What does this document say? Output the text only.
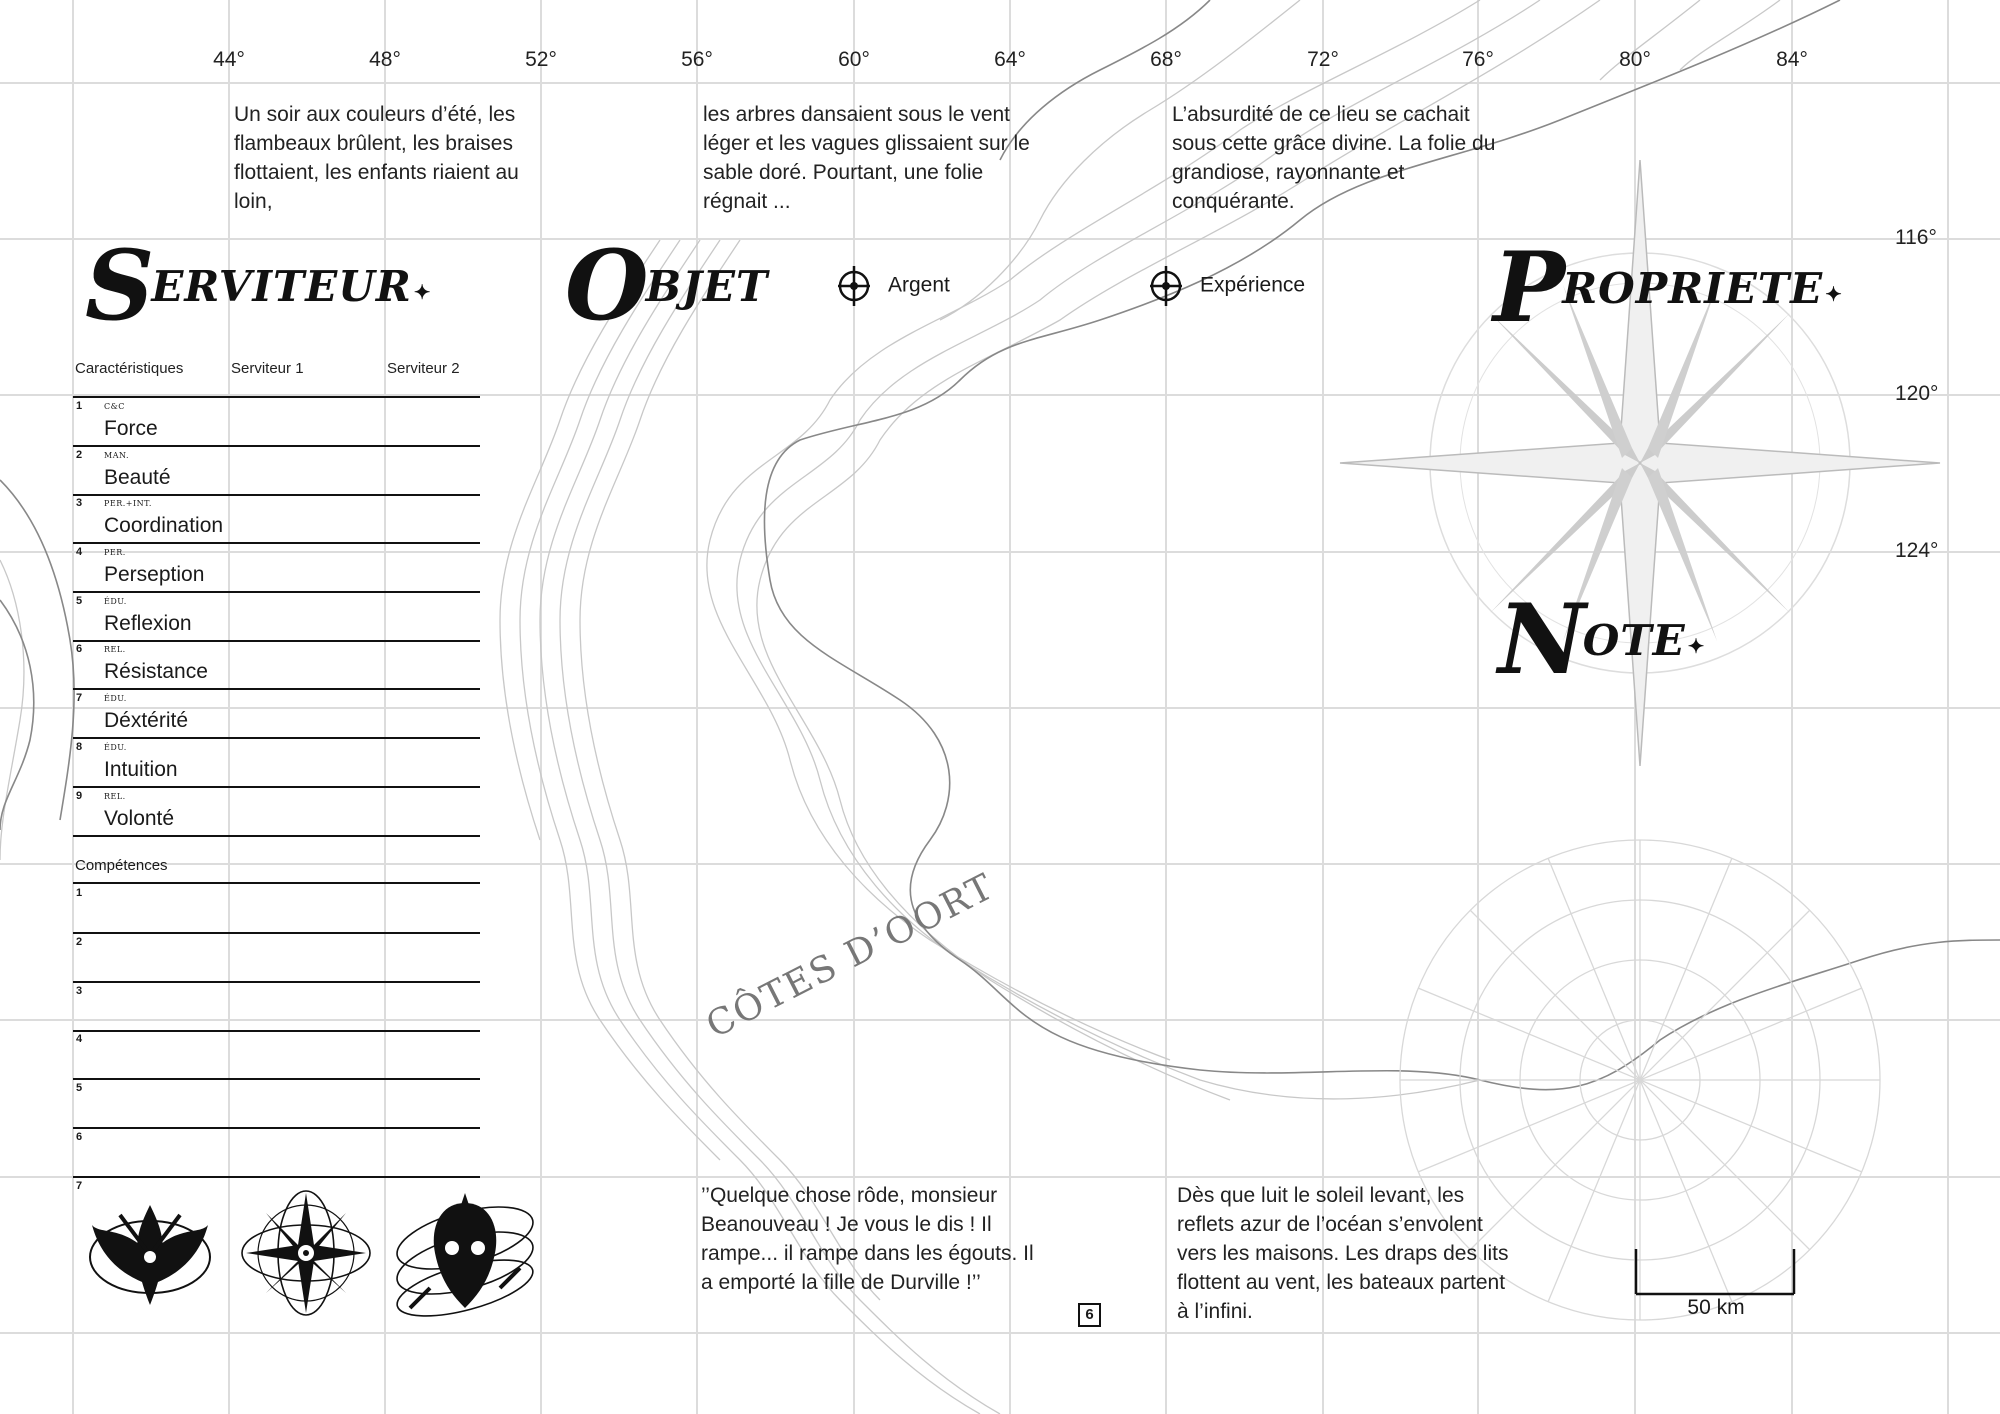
44°	48°	52°	56°	60°	64°	68°	72°	76°	80°	84°
116°
120°
124°
Un soir aux couleurs d’été, les flambeaux brûlent, les braises flottaient, les enfants riaient au loin,
les arbres dansaient sous le vent léger et les vagues glissaient sur le sable doré. Pourtant, une folie régnait ...
L’absurdité de ce lieu se cachait sous cette grâce divine. La folie du grandiose, rayonnante et conquérante.
’’Quelque chose rôde, monsieur Beanouveau ! Je vous le dis ! Il rampe... il rampe dans les égouts. Il a emporté la fille de Durville !’’
Dès que luit le soleil levant, les reflets azur de l’océan s’envolent vers les maisons. Les draps des lits flottent au vent, les bateaux partent à l’infini.
SERVITEUR ✦ OBJET	PROPRIETE ✦
NOTE ✦
Argent	Expérience
Caractéristiques	Serviteur 1	Serviteur 2
1	C&C
Force
2	MAN.
Beauté
3	PER.+INT.
Coordination
4	PER.
Perseption
5	ÉDU.
Reflexion
6	REL.
Résistance
7	ÉDU.
Déxtérité
8	ÉDU.
Intuition
9	REL.
Volonté
Compétences
1
2
3
4
5
6
7
CÔTES D’OORT
6	50 km
